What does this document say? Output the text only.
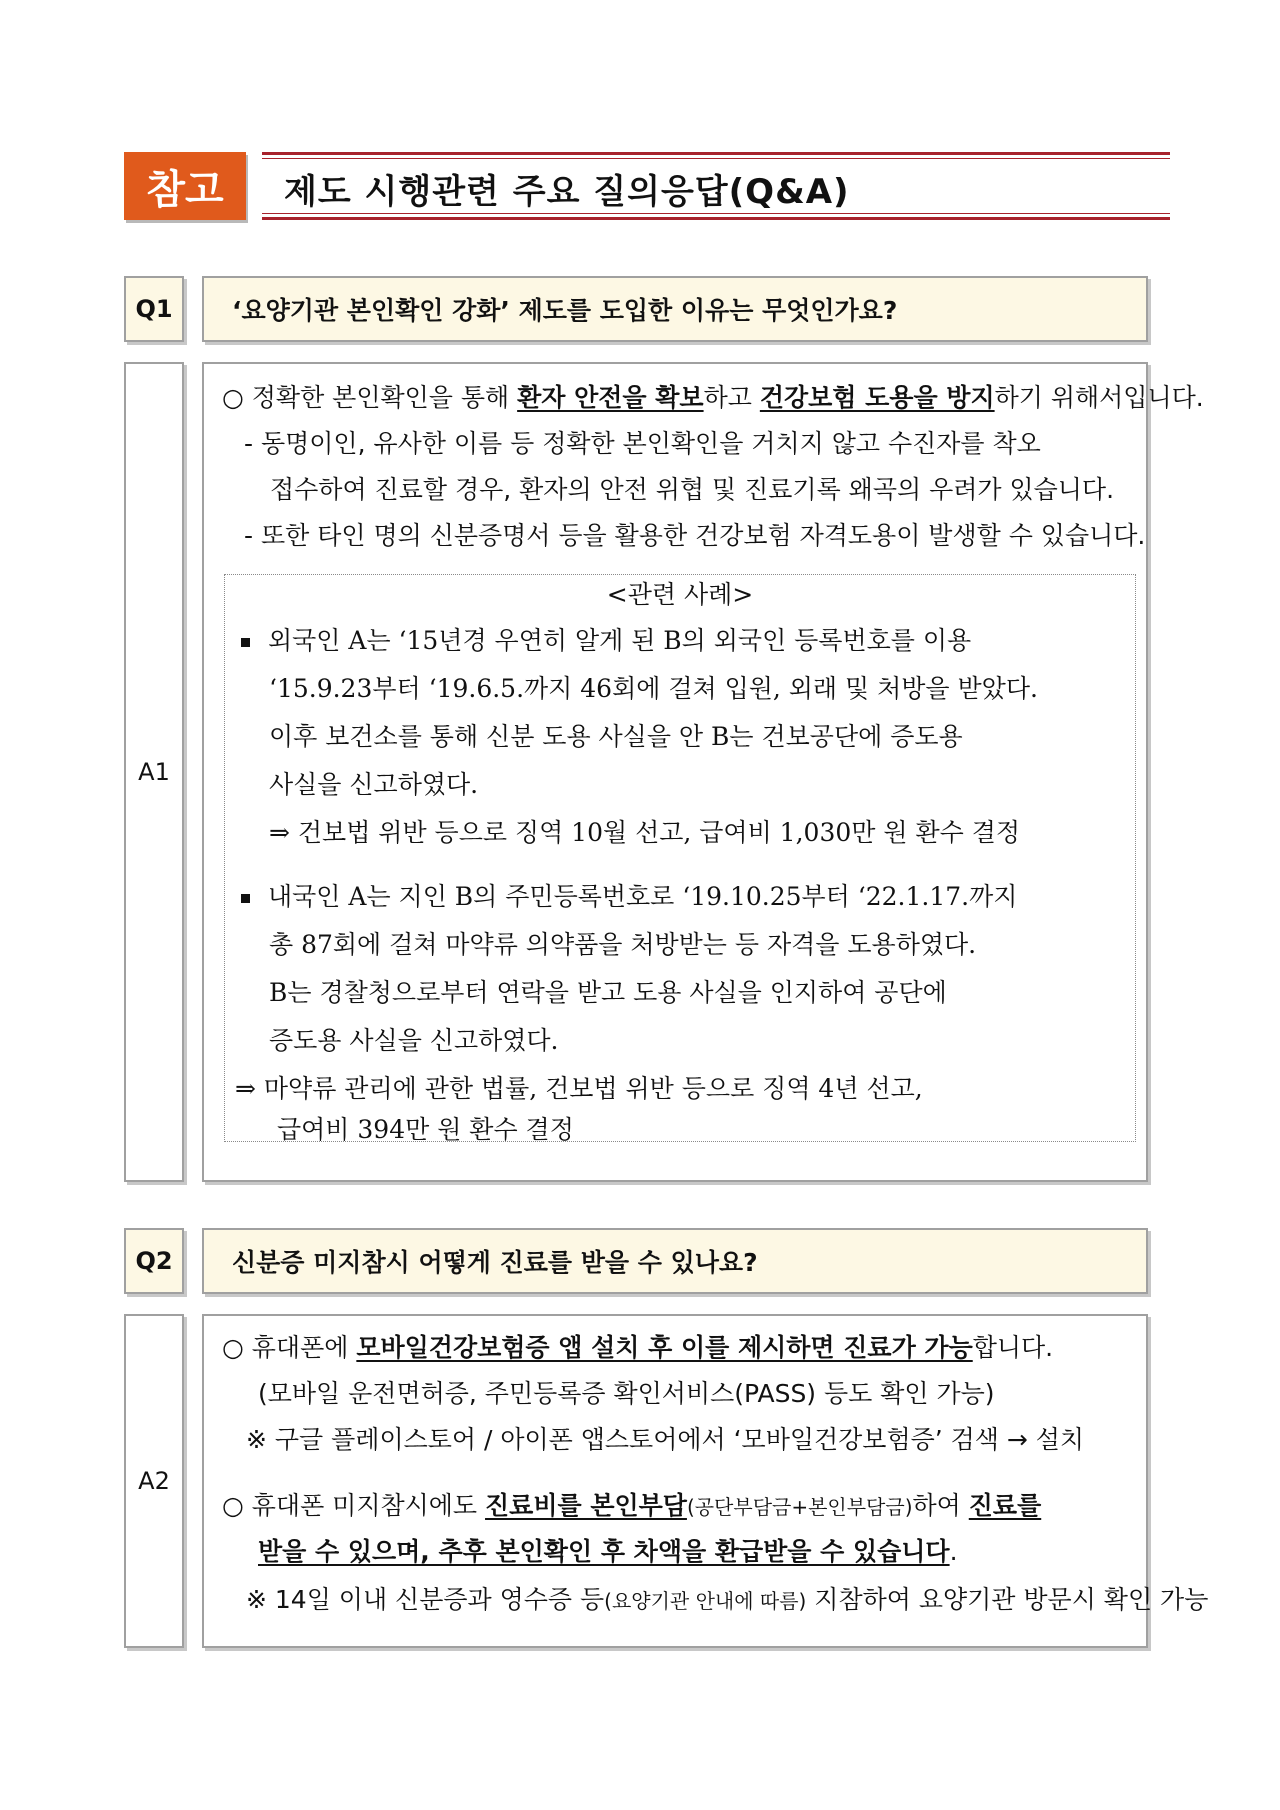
참고	제도 시행관련 주요 질의응답(Q&A)
Q1	‘요양기관 본인확인 강화’ 제도를 도입한 이유는 무엇인가요?
A1
○ 정확한 본인확인을 통해 환자 안전을 확보하고 건강보험 도용을 방지하기 위해서입니다.
- 동명이인, 유사한 이름 등 정확한 본인확인을 거치지 않고 수진자를 착오
접수하여 진료할 경우, 환자의 안전 위협 및 진료기록 왜곡의 우려가 있습니다.
- 또한 타인 명의 신분증명서 등을 활용한 건강보험 자격도용이 발생할 수 있습니다.
<관련 사례>
외국인 A는 ‘15년경 우연히 알게 된 B의 외국인 등록번호를 이용
‘15.9.23부터 ‘19.6.5.까지 46회에 걸쳐 입원, 외래 및 처방을 받았다.
이후 보건소를 통해 신분 도용 사실을 안 B는 건보공단에 증도용
사실을 신고하였다.
⇒ 건보법 위반 등으로 징역 10월 선고, 급여비 1,030만 원 환수 결정
내국인 A는 지인 B의 주민등록번호로 ‘19.10.25부터 ‘22.1.17.까지
총 87회에 걸쳐 마약류 의약품을 처방받는 등 자격을 도용하였다.
B는 경찰청으로부터 연락을 받고 도용 사실을 인지하여 공단에
증도용 사실을 신고하였다.
⇒ 마약류 관리에 관한 법률, 건보법 위반 등으로 징역 4년 선고,
급여비 394만 원 환수 결정
Q2	신분증 미지참시 어떻게 진료를 받을 수 있나요?
A2
○ 휴대폰에 모바일건강보험증 앱 설치 후 이를 제시하면 진료가 가능합니다.
(모바일 운전면허증, 주민등록증 확인서비스(PASS) 등도 확인 가능)
※ 구글 플레이스토어 / 아이폰 앱스토어에서 ‘모바일건강보험증’ 검색 → 설치
○ 휴대폰 미지참시에도 진료비를 본인부담(공단부담금+본인부담금)하여 진료를
받을 수 있으며, 추후 본인확인 후 차액을 환급받을 수 있습니다.
※ 14일 이내 신분증과 영수증 등(요양기관 안내에 따름) 지참하여 요양기관 방문시 확인 가능
